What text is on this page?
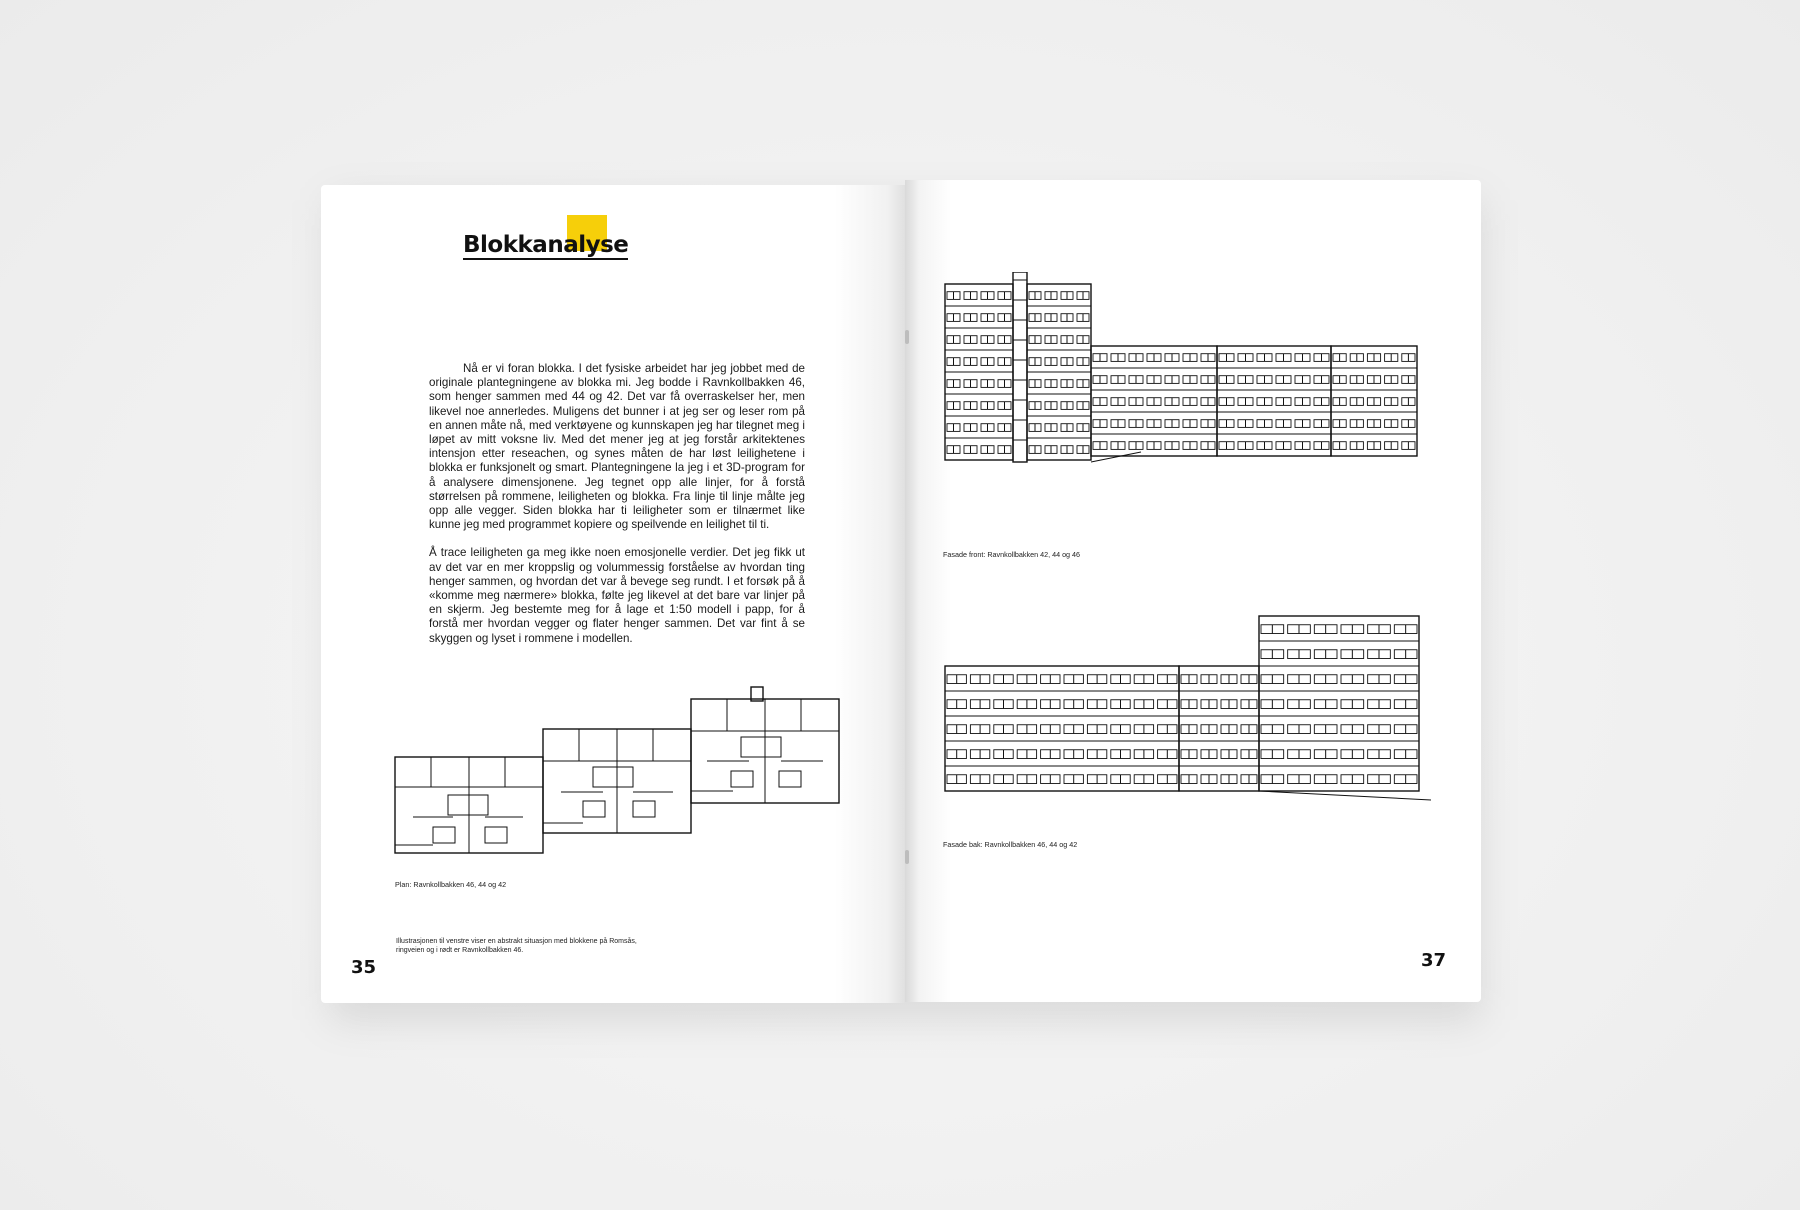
Blokkanalyse

Nå er vi foran blokka. I det fysiske arbeidet har jeg jobbet med de originale plantegningene av blokka mi. Jeg bodde i Ravnkollbakken 46, som henger sammen med 44 og 42. Det var få overraskelser her, men likevel noe annerledes. Muligens det bunner i at jeg ser og leser rom på en annen måte nå, med verktøyene og kunnskapen jeg har tilegnet meg i løpet av mitt voksne liv. Med det mener jeg at jeg forstår arkitektenes intensjon etter reseachen, og synes måten de har løst leilighetene i blokka er funksjonelt og smart. Plantegningene la jeg i et 3D-program for å analysere dimensjonene. Jeg tegnet opp alle linjer, for å forstå størrelsen på rommene, leiligheten og blokka. Fra linje til linje målte jeg opp alle vegger. Siden blokka har ti leiligheter som er tilnærmet like kunne jeg med programmet kopiere og speilvende en leilighet til ti.

Å trace leiligheten ga meg ikke noen emosjonelle verdier. Det jeg fikk ut av det var en mer kroppslig og volummessig forståelse av hvordan ting henger sammen, og hvordan det var å bevege seg rundt. I et forsøk på å «komme meg nærmere» blokka, følte jeg likevel at det bare var linjer på en skjerm. Jeg bestemte meg for å lage et 1:50 modell i papp, for å forstå mer hvordan vegger og flater henger sammen. Det var fint å se skyggen og lyset i rommene i modellen.

Plan: Ravnkollbakken 46, 44 og 42
Illustrasjonen til venstre viser en abstrakt situasjon med blokkene på Romsås, ringveien og i rødt er Ravnkollbakken 46.
35
Fasade front: Ravnkollbakken 42, 44 og 46
Fasade bak: Ravnkollbakken 46, 44 og 42
37
